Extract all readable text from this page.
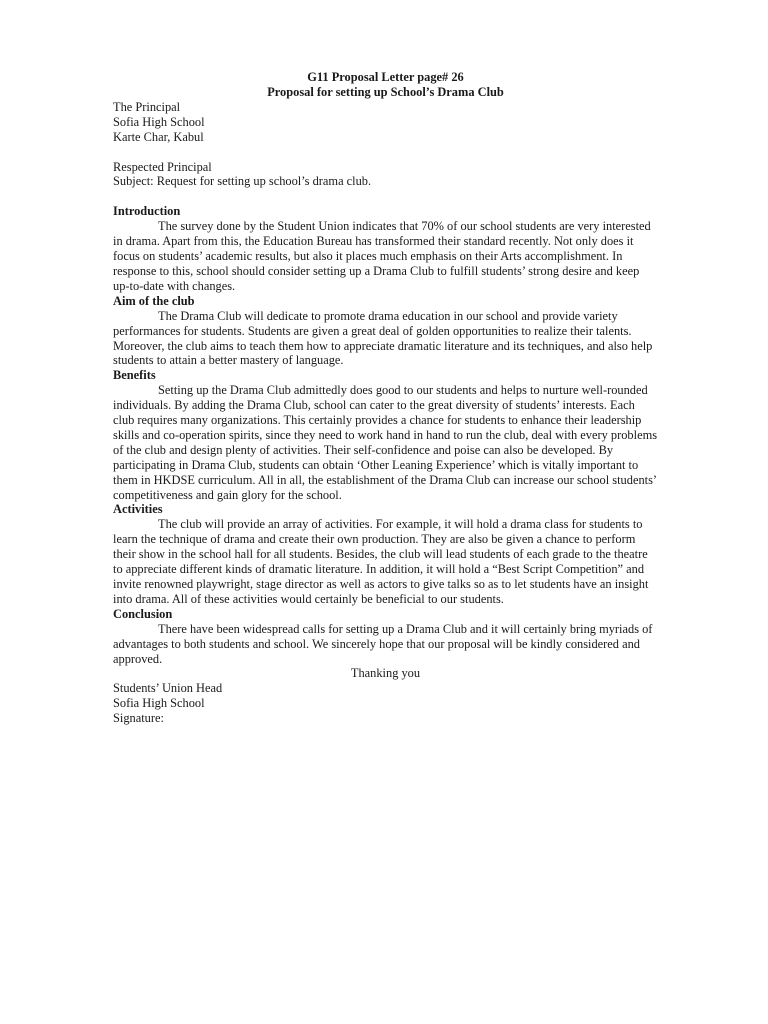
G11 Proposal Letter page# 26
Proposal for setting up School’s Drama Club
The Principal
Sofia High School
Karte Char, Kabul
Respected Principal
Subject: Request for setting up school’s drama club.
Introduction
The survey done by the Student Union indicates that 70% of our school students are very interested in drama. Apart from this, the Education Bureau has transformed their standard recently. Not only does it focus on students’ academic results, but also it places much emphasis on their Arts accomplishment. In response to this, school should consider setting up a Drama Club to fulfill students’ strong desire and keep up-to-date with changes.
Aim of the club
The Drama Club will dedicate to promote drama education in our school and provide variety performances for students. Students are given a great deal of golden opportunities to realize their talents. Moreover, the club aims to teach them how to appreciate dramatic literature and its techniques, and also help students to attain a better mastery of language.
Benefits
Setting up the Drama Club admittedly does good to our students and helps to nurture well-rounded individuals. By adding the Drama Club, school can cater to the great diversity of students’ interests. Each club requires many organizations. This certainly provides a chance for students to enhance their leadership skills and co-operation spirits, since they need to work hand in hand to run the club, deal with every problems of the club and design plenty of activities. Their self-confidence and poise can also be developed. By participating in Drama Club, students can obtain ‘Other Leaning Experience’ which is vitally important to them in HKDSE curriculum. All in all, the establishment of the Drama Club can increase our school students’ competitiveness and gain glory for the school.
Activities
The club will provide an array of activities. For example, it will hold a drama class for students to learn the technique of drama and create their own production. They are also be given a chance to perform their show in the school hall for all students. Besides, the club will lead students of each grade to the theatre to appreciate different kinds of dramatic literature. In addition, it will hold a “Best Script Competition” and invite renowned playwright, stage director as well as actors to give talks so as to let students have an insight into drama. All of these activities would certainly be beneficial to our students.
Conclusion
There have been widespread calls for setting up a Drama Club and it will certainly bring myriads of advantages to both students and school. We sincerely hope that our proposal will be kindly considered and approved.
Thanking you
Students’ Union Head
Sofia High School
Signature:
